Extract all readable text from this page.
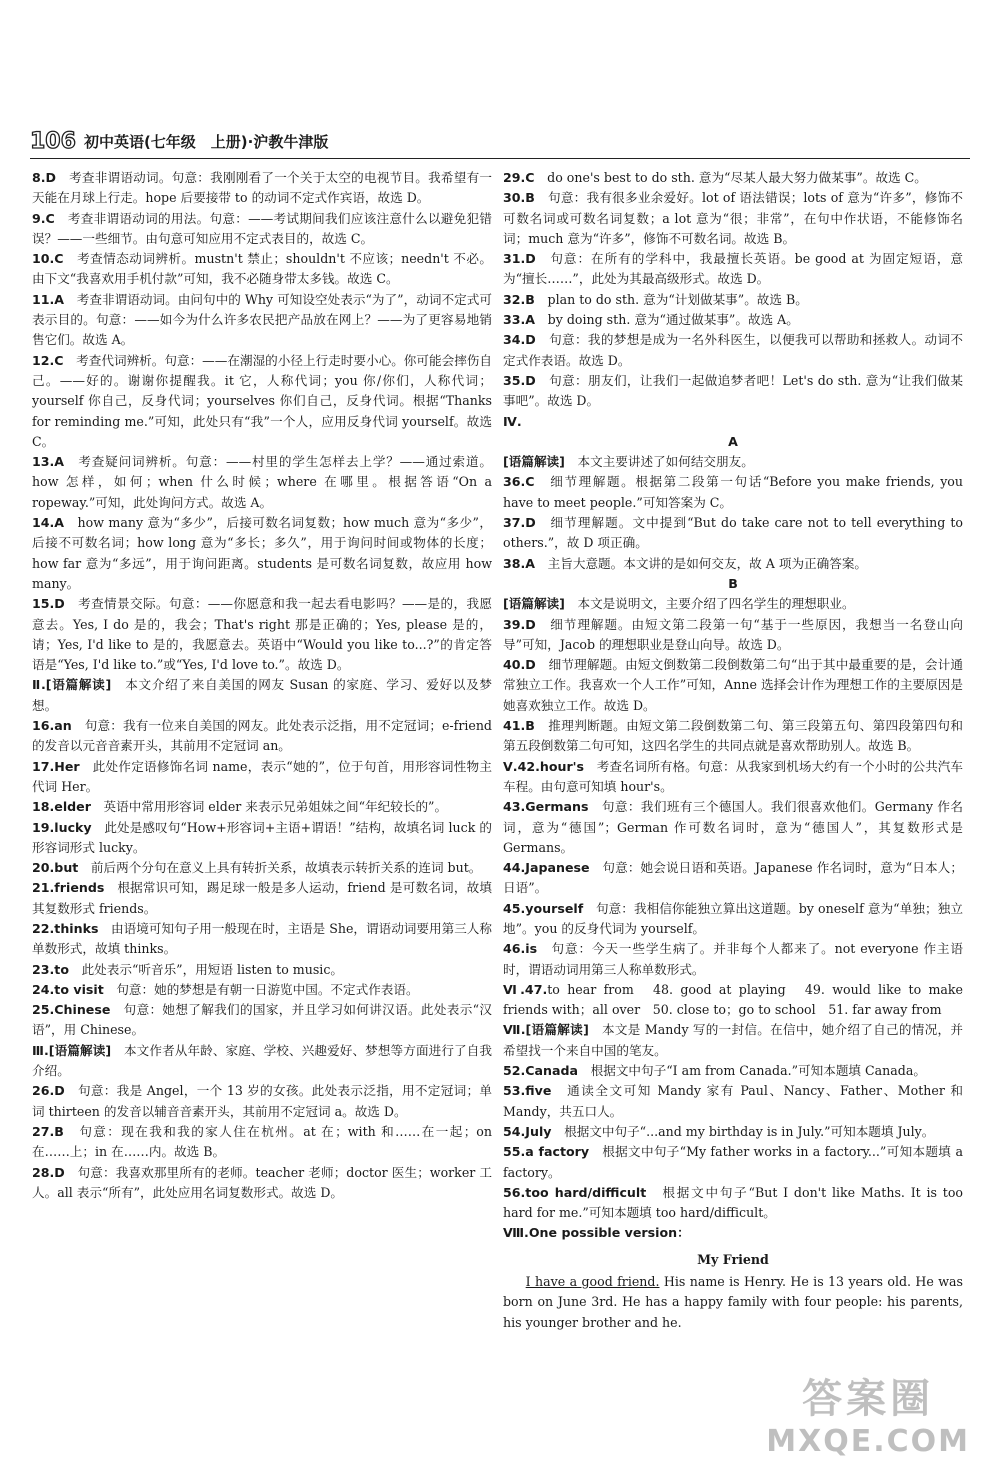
106 初中英语(七年级　上册)·沪教牛津版

8.D　考查非谓语动词。句意：我刚刚看了一个关于太空的电视节目。我希望有一天能在月球上行走。hope 后要接带 to 的动词不定式作宾语，故选 D。

9.C　考查非谓语动词的用法。句意：——考试期间我们应该注意什么以避免犯错误？——一些细节。由句意可知应用不定式表目的，故选 C。

10.C　考查情态动词辨析。mustn't 禁止；shouldn't 不应该；needn't 不必。由下文“我喜欢用手机付款”可知，我不必随身带太多钱。故选 C。

11.A　考查非谓语动词。由问句中的 Why 可知设空处表示“为了”，动词不定式可表示目的。句意：——如今为什么许多农民把产品放在网上？——为了更容易地销售它们。故选 A。

12.C　考查代词辨析。句意：——在潮湿的小径上行走时要小心。你可能会摔伤自己。——好的。谢谢你提醒我。it 它，人称代词；you 你/你们，人称代词；yourself 你自己，反身代词；yourselves 你们自己，反身代词。根据“Thanks for reminding me.”可知，此处只有“我”一个人，应用反身代词 yourself。故选 C。

13.A　考查疑问词辨析。句意：——村里的学生怎样去上学？——通过索道。how 怎样，如何；when 什么时候；where 在哪里。根据答语“On a ropeway.”可知，此处询问方式。故选 A。

14.A　how many 意为“多少”，后接可数名词复数；how much 意为“多少”，后接不可数名词；how long 意为“多长；多久”，用于询问时间或物体的长度；how far 意为“多远”，用于询问距离。students 是可数名词复数，故应用 how many。

15.D　考查情景交际。句意：——你愿意和我一起去看电影吗？——是的，我愿意去。Yes, I do 是的，我会；That's right 那是正确的；Yes, please 是的，请；Yes, I'd like to 是的，我愿意去。英语中“Would you like to...?”的肯定答语是“Yes, I'd like to.”或“Yes, I'd love to.”。故选 D。

Ⅱ.[语篇解读]　本文介绍了来自美国的网友 Susan 的家庭、学习、爱好以及梦想。

16.an　句意：我有一位来自美国的网友。此处表示泛指，用不定冠词；e-friend 的发音以元音音素开头，其前用不定冠词 an。

17.Her　此处作定语修饰名词 name，表示“她的”，位于句首，用形容词性物主代词 Her。

18.elder　英语中常用形容词 elder 来表示兄弟姐妹之间“年纪较长的”。

19.lucky　此处是感叹句“How+形容词+主语+谓语！”结构，故填名词 luck 的形容词形式 lucky。

20.but　前后两个分句在意义上具有转折关系，故填表示转折关系的连词 but。

21.friends　根据常识可知，踢足球一般是多人运动，friend 是可数名词，故填其复数形式 friends。

22.thinks　由语境可知句子用一般现在时，主语是 She，谓语动词要用第三人称单数形式，故填 thinks。

23.to　此处表示“听音乐”，用短语 listen to music。

24.to visit　句意：她的梦想是有朝一日游览中国。不定式作表语。

25.Chinese　句意：她想了解我们的国家，并且学习如何讲汉语。此处表示“汉语”，用 Chinese。

Ⅲ.[语篇解读]　本文作者从年龄、家庭、学校、兴趣爱好、梦想等方面进行了自我介绍。

26.D　句意：我是 Angel，一个 13 岁的女孩。此处表示泛指，用不定冠词；单词 thirteen 的发音以辅音音素开头，其前用不定冠词 a。故选 D。

27.B　句意：现在我和我的家人住在杭州。at 在；with 和……在一起；on 在……上；in 在……内。故选 B。

28.D　句意：我喜欢那里所有的老师。teacher 老师；doctor 医生；worker 工人。all 表示“所有”，此处应用名词复数形式。故选 D。

29.C　do one's best to do sth. 意为“尽某人最大努力做某事”。故选 C。

30.B　句意：我有很多业余爱好。lot of 语法错误；lots of 意为“许多”，修饰不可数名词或可数名词复数；a lot 意为“很；非常”，在句中作状语，不能修饰名词；much 意为“许多”，修饰不可数名词。故选 B。

31.D　句意：在所有的学科中，我最擅长英语。be good at 为固定短语，意为“擅长……”，此处为其最高级形式。故选 D。

32.B　plan to do sth. 意为“计划做某事”。故选 B。

33.A　by doing sth. 意为“通过做某事”。故选 A。

34.D　句意：我的梦想是成为一名外科医生，以便我可以帮助和拯救人。动词不定式作表语。故选 D。

35.D　句意：朋友们，让我们一起做追梦者吧！Let's do sth. 意为“让我们做某事吧”。故选 D。

Ⅳ.
A

[语篇解读]　本文主要讲述了如何结交朋友。

36.C　细节理解题。根据第二段第一句话“Before you make friends, you have to meet people.”可知答案为 C。

37.D　细节理解题。文中提到“But do take care not to tell everything to others.”，故 D 项正确。

38.A　主旨大意题。本文讲的是如何交友，故 A 项为正确答案。

B

[语篇解读]　本文是说明文，主要介绍了四名学生的理想职业。

39.D　细节理解题。由短文第二段第一句“基于一些原因，我想当一名登山向导”可知，Jacob 的理想职业是登山向导。故选 D。

40.D　细节理解题。由短文倒数第二段倒数第二句“出于其中最重要的是，会计通常独立工作。我喜欢一个人工作”可知，Anne 选择会计作为理想工作的主要原因是她喜欢独立工作。故选 D。

41.B　推理判断题。由短文第二段倒数第二句、第三段第五句、第四段第四句和第五段倒数第二句可知，这四名学生的共同点就是喜欢帮助别人。故选 B。

Ⅴ.42.hour's　考查名词所有格。句意：从我家到机场大约有一个小时的公共汽车车程。由句意可知填 hour's。

43.Germans　句意：我们班有三个德国人。我们很喜欢他们。Germany 作名词，意为“德国”；German 作可数名词时，意为“德国人”，其复数形式是 Germans。

44.Japanese　句意：她会说日语和英语。Japanese 作名词时，意为“日本人；日语”。

45.yourself　句意：我相信你能独立算出这道题。by oneself 意为“单独；独立地”。you 的反身代词为 yourself。

46.is　句意：今天一些学生病了。并非每个人都来了。not everyone 作主语时，谓语动词用第三人称单数形式。

Ⅵ.47.to hear from　48. good at playing　49. would like to make friends with；all over　50. close to；go to school　51. far away from

Ⅶ.[语篇解读]　本文是 Mandy 写的一封信。在信中，她介绍了自己的情况，并希望找一个来自中国的笔友。

52.Canada　根据文中句子“I am from Canada.”可知本题填 Canada。

53.five　通读全文可知 Mandy 家有 Paul、Nancy、Father、Mother 和 Mandy，共五口人。

54.July　根据文中句子“...and my birthday is in July.”可知本题填 July。

55.a factory　根据文中句子“My father works in a factory...”可知本题填 a factory。

56.too hard/difficult　根据文中句子“But I don't like Maths. It is too hard for me.”可知本题填 too hard/difficult。

Ⅷ.One possible version：
My Friend

I have a good friend. His name is Henry. He is 13 years old. He was born on June 3rd. He has a happy family with four people: his parents, his younger brother and he.

答案圈
MXQE.COM
